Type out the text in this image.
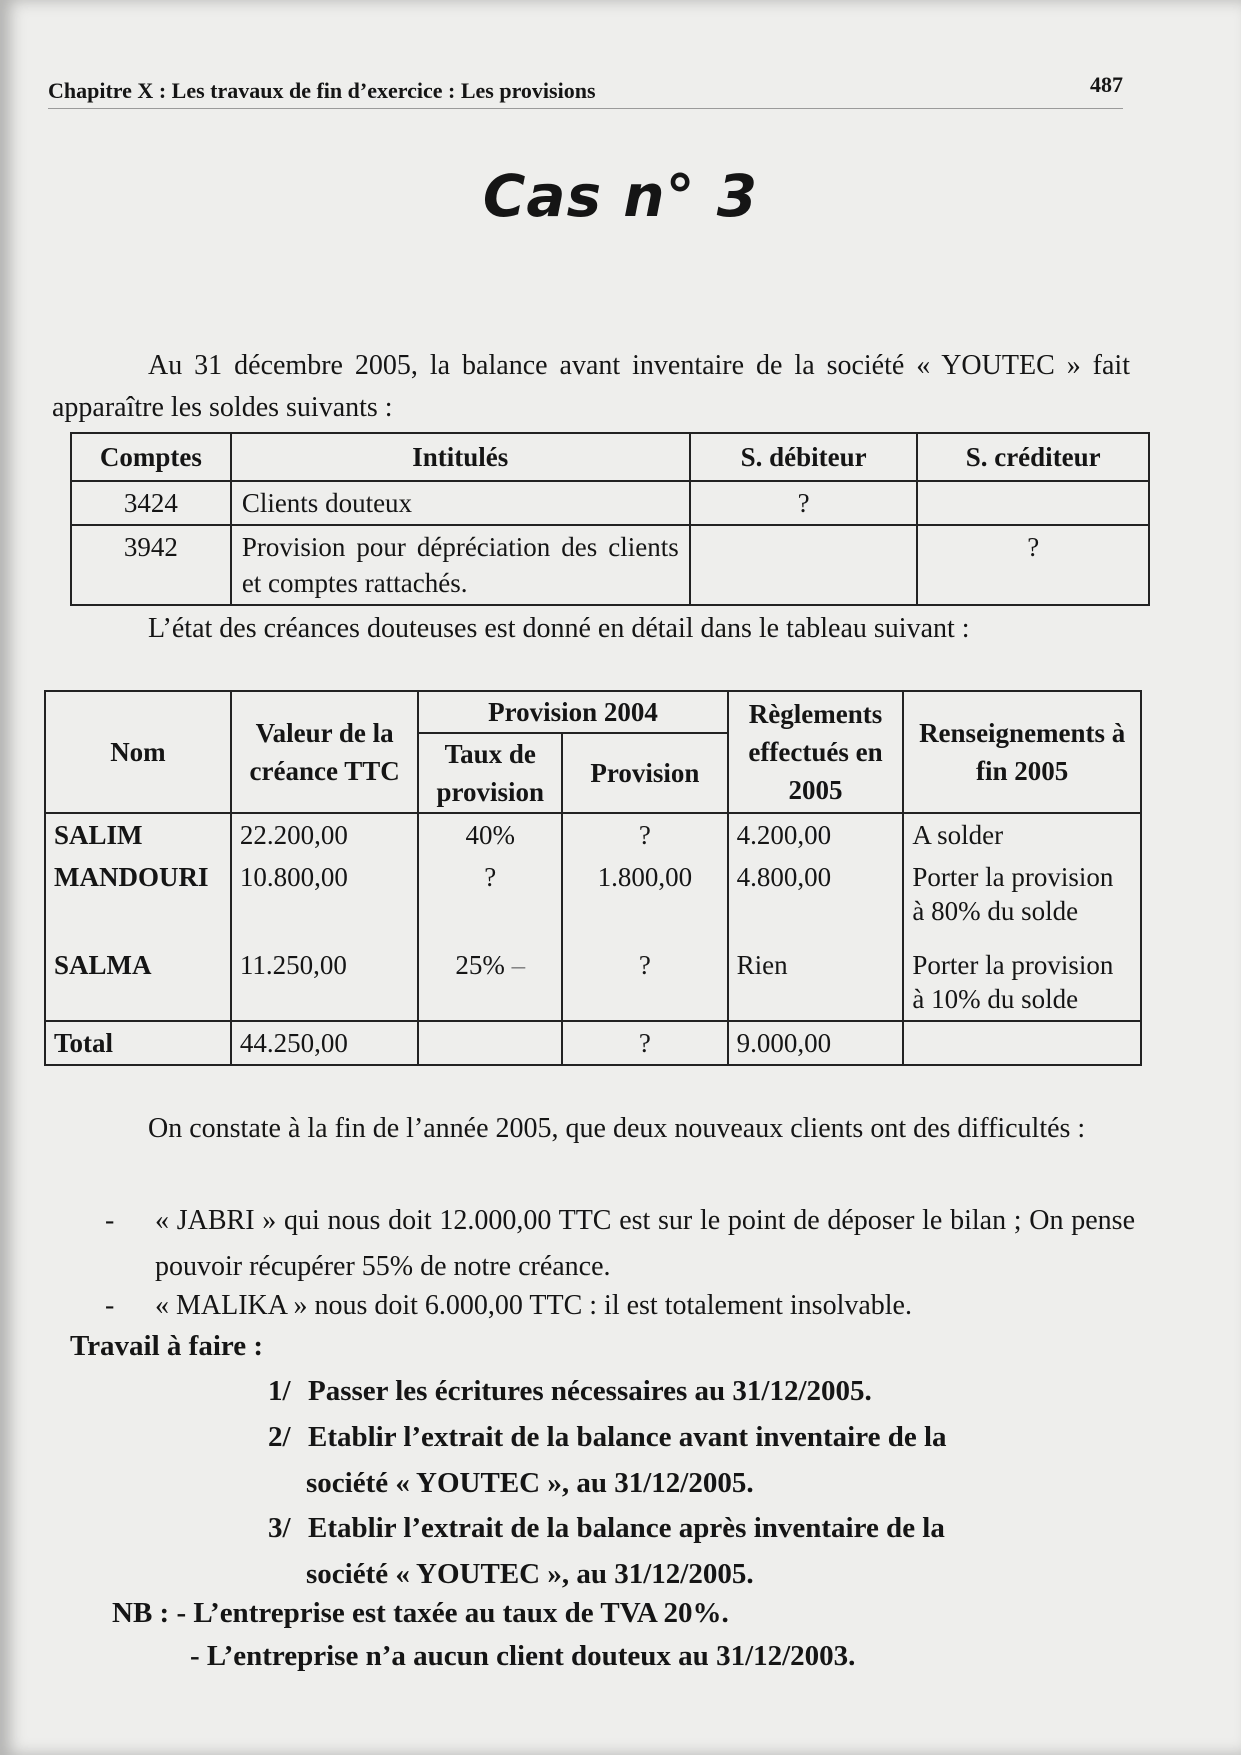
Chapitre X : Les travaux de fin d’exercice : Les provisions	487
Cas n° 3
Au 31 décembre 2005, la balance avant inventaire de la société « YOUTEC » fait apparaître les soldes suivants :
Comptes	Intitulés	S. débiteur	S. créditeur
3424	Clients douteux	?	
3942	Provision pour dépréciation des clients et comptes rattachés.		?
L’état des créances douteuses est donné en détail dans le tableau suivant :
Nom	Valeur de la créance TTC	Provision 2004		Règlements effectués en 2005	Renseignements à fin 2005
		Taux de provision	Provision		
SALIM	22.200,00	40%	?	4.200,00	A solder
MANDOURI	10.800,00	?	1.800,00	4.800,00	Porter la provision à 80% du solde
SALMA	11.250,00	25% –	?	Rien	Porter la provision à 10% du solde
Total	44.250,00		?	9.000,00	
On constate à la fin de l’année 2005, que deux nouveaux clients ont des difficultés :
- « JABRI » qui nous doit 12.000,00 TTC est sur le point de déposer le bilan ; On pense pouvoir récupérer 55% de notre créance.
- « MALIKA » nous doit 6.000,00 TTC : il est totalement insolvable.
Travail à faire :
1/ Passer les écritures nécessaires au 31/12/2005.
2/ Etablir l’extrait de la balance avant inventaire de la
société « YOUTEC », au 31/12/2005.
3/ Etablir l’extrait de la balance après inventaire de la
société « YOUTEC », au 31/12/2005.
NB : - L’entreprise est taxée au taux de TVA 20%.
- L’entreprise n’a aucun client douteux au 31/12/2003.
